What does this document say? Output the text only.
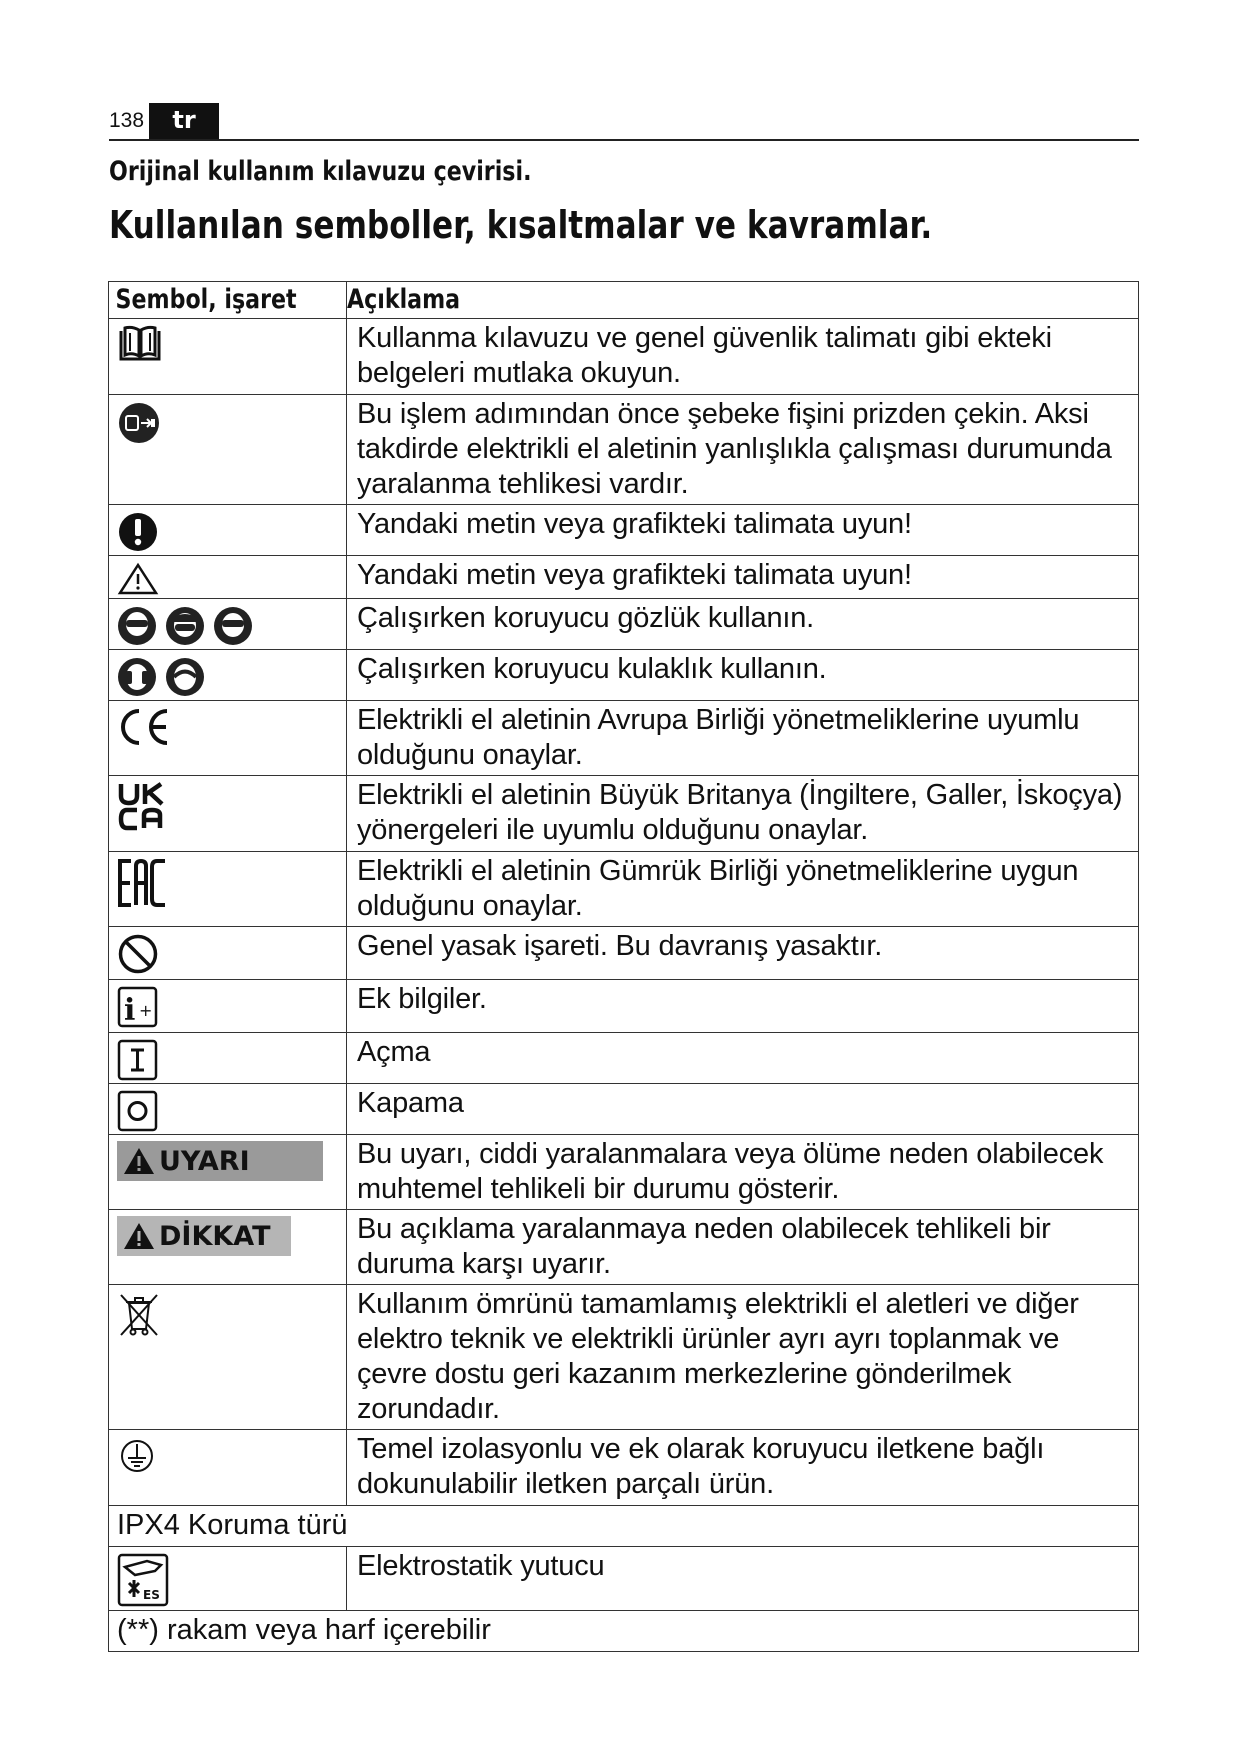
138	tr
Orijinal kullanım kılavuzu çevirisi.
Kullanılan semboller, kısaltmalar ve kavramlar.
Sembol, işaret	Açıklama

	Kullanma kılavuzu ve genel güvenlik talimatı gibi ekteki belgeleri mutlaka okuyun.

	Bu işlem adımından önce şebeke fişini prizden çekin. Aksi takdirde elektrikli el aletinin yanlışlıkla çalışması durumunda yaralanma tehlikesi vardır.

	Yandaki metin veya grafikteki talimata uyun!

	Yandaki metin veya grafikteki talimata uyun!

	Çalışırken koruyucu gözlük kullanın.

	Çalışırken koruyucu kulaklık kullanın.

	Elektrikli el aletinin Avrupa Birliği yönetmeliklerine uyumlu olduğunu onaylar.

	Elektrikli el aletinin Büyük Britanya (İngiltere, Galler, İskoçya) yönergeleri ile uyumlu olduğunu onaylar.

	Elektrikli el aletinin Gümrük Birliği yönetmeliklerine uygun olduğunu onaylar.

	Genel yasak işareti. Bu davranış yasaktır.

i +	Ek bilgiler.

	Açma

	Kapama

UYARI	Bu uyarı, ciddi yaralanmalara veya ölüme neden olabilecek muhtemel tehlikeli bir durumu gösterir.

DİKKAT	Bu açıklama yaralanmaya neden olabilecek tehlikeli bir duruma karşı uyarır.

	Kullanım ömrünü tamamlamış elektrikli el aletleri ve diğer elektro teknik ve elektrikli ürünler ayrı ayrı toplanmak ve çevre dostu geri kazanım merkezlerine gönderilmek zorundadır.

	Temel izolasyonlu ve ek olarak koruyucu iletkene bağlı dokunulabilir iletken parçalı ürün.
IPX4 Koruma türü	

ES	Elektrostatik yutucu
(**) rakam veya harf içerebilir	
